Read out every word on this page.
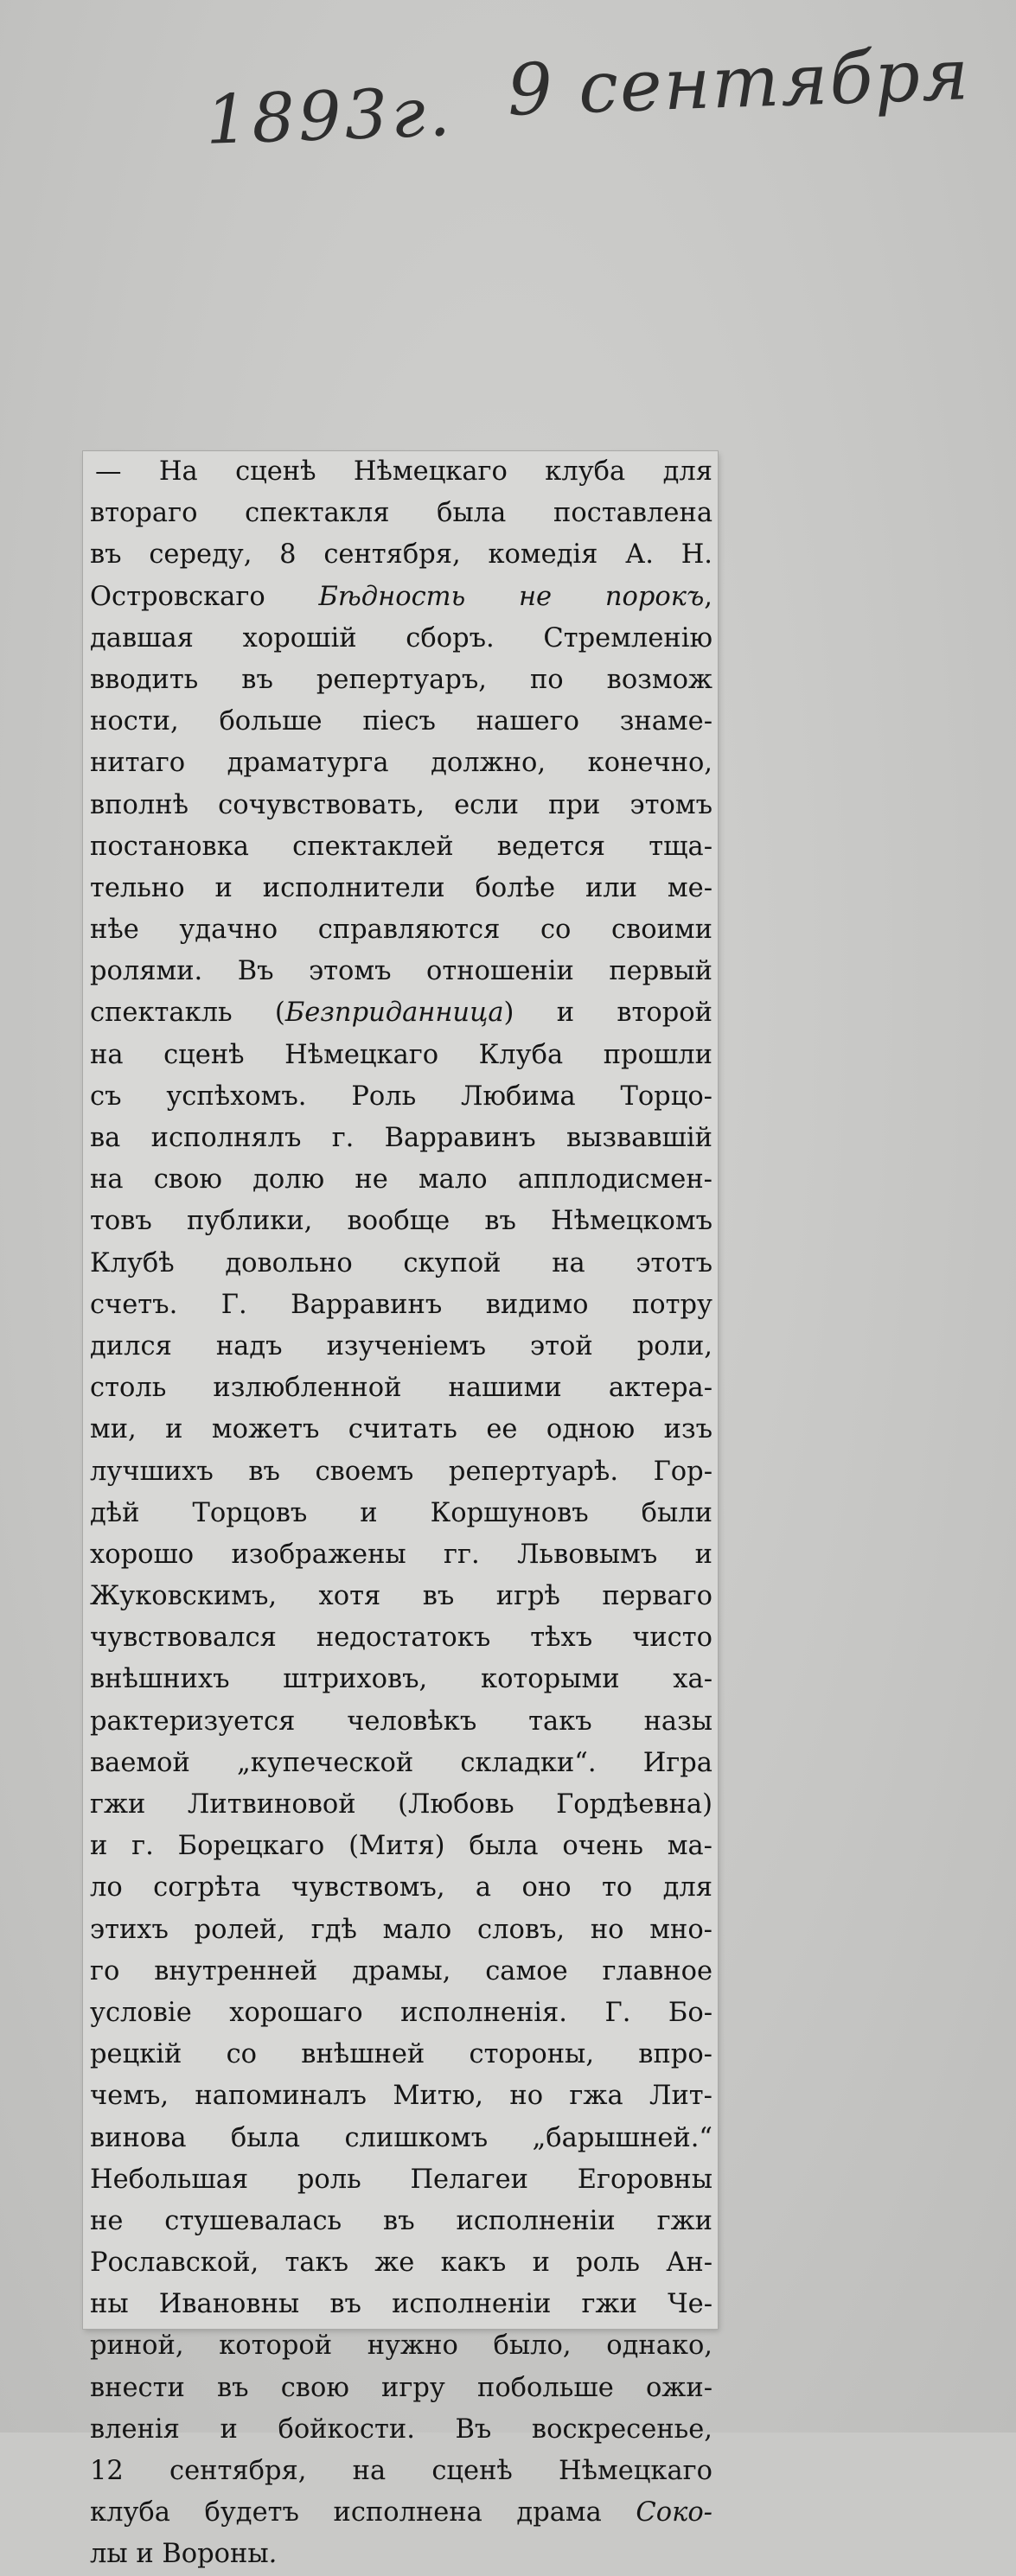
1893г. 9 сентября
— На сценѣ Нѣмецкаго клуба для
втораго спектакля была поставлена
въ середу, 8 сентября, комедія А. Н.
Островскаго Бѣдность не порокъ,
давшая хорошій сборъ. Стремленію
вводить въ репертуаръ, по возмож
ности, больше піесъ нашего знаме-
нитаго драматурга должно, конечно,
вполнѣ сочувствовать, если при этомъ
постановка спектаклей ведется тща-
тельно и исполнители болѣе или ме-
нѣе удачно справляются со своими
ролями. Въ этомъ отношеніи первый
спектакль (Безприданница) и второй
на сценѣ Нѣмецкаго Клуба прошли
съ успѣхомъ. Роль Любима Торцо-
ва исполнялъ г. Варравинъ вызвавшій
на свою долю не мало апплодисмен-
товъ публики, вообще въ Нѣмецкомъ
Клубѣ довольно скупой на этотъ
счетъ. Г. Варравинъ видимо потру
дился надъ изученіемъ этой роли,
столь излюбленной нашими актера-
ми, и можетъ считать ее одною изъ
лучшихъ въ своемъ репертуарѣ. Гор-
дѣй Торцовъ и Коршуновъ были
хорошо изображены гг. Львовымъ и
Жуковскимъ, хотя въ игрѣ перваго
чувствовался недостатокъ тѣхъ чисто
внѣшнихъ штриховъ, которыми ха-
рактеризуется человѣкъ такъ назы
ваемой „купеческой складки“. Игра
гжи Литвиновой (Любовь Гордѣевна)
и г. Борецкаго (Митя) была очень ма-
ло согрѣта чувствомъ, а оно то для
этихъ ролей, гдѣ мало словъ, но мно-
го внутренней драмы, самое главное
условіе хорошаго исполненія. Г. Бо-
рецкій со внѣшней стороны, впро-
чемъ, напоминалъ Митю, но гжа Лит-
винова была слишкомъ „барышней.“
Небольшая роль Пелагеи Егоровны
не стушевалась въ исполненіи гжи
Рославской, такъ же какъ и роль Ан-
ны Ивановны въ исполненіи гжи Че-
риной, которой нужно было, однако,
внести въ свою игру побольше ожи-
вленія и бойкости. Въ воскресенье,
12 сентября, на сценѣ Нѣмецкаго
клуба будетъ исполнена драма Соко-
лы и Вороны.
